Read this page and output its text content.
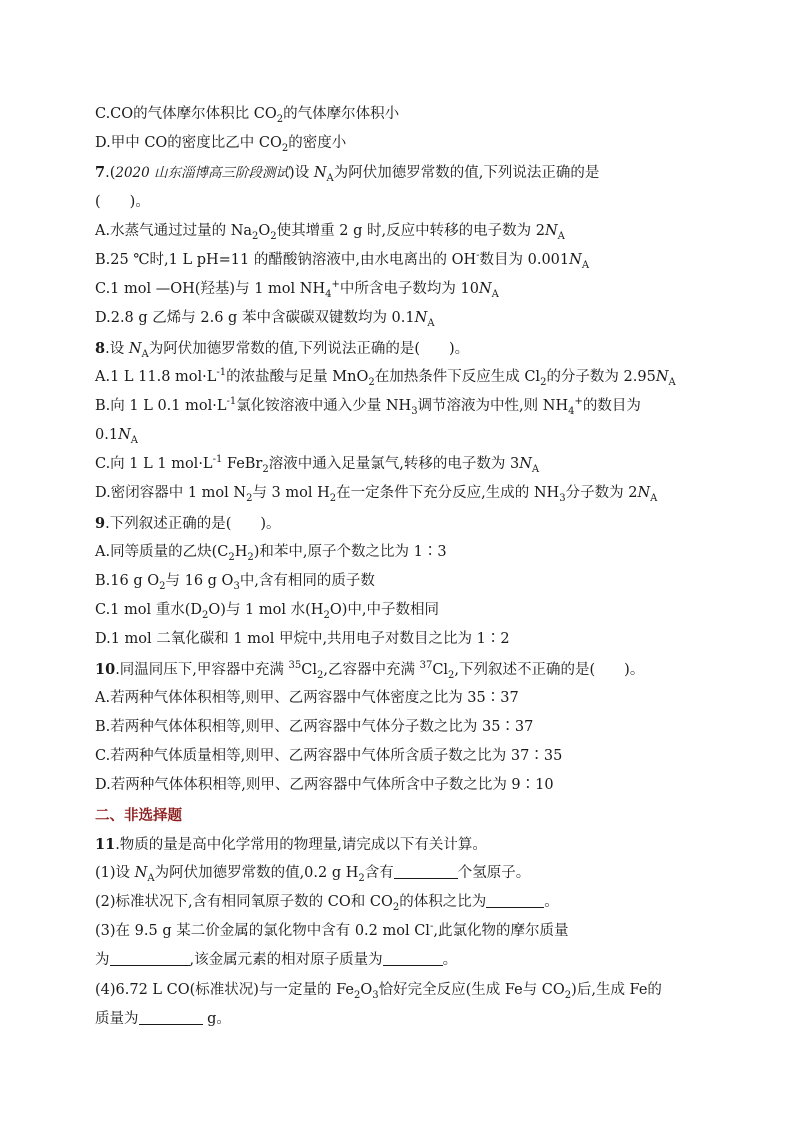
C.CO的气体摩尔体积比 $CO_2$的气体摩尔体积小
D.甲中 CO的密度比乙中 $CO_2$的密度小
7.(2020 山东淄博高三阶段测试)设 $N_A$为阿伏加德罗常数的值,下列说法正确的是
(　　)。
A.水蒸气通过过量的 $Na_2O_2$使其增重 2 g 时,反应中转移的电子数为 $2N_A$
B.25 ℃时,1 L pH=11 的醋酸钠溶液中,由水电离出的 OH-数目为 $0.001N_A$
C.1 mol —OH(羟基)与 1 mol $NH_4^+$中所含电子数均为 $10N_A$
D.2.8 g 乙烯与 2.6 g 苯中含碳碳双键数均为 $0.1N_A$
8.设 $N_A$为阿伏加德罗常数的值,下列说法正确的是(　　)。
A.1 L 11.8 $mol\cdot L^{-1}$的浓盐酸与足量 MnO$_2$在加热条件下反应生成 $Cl_2$的分子数为 $2.95N_A$
B.向 1 L 0.1 $mol\cdot L^{-1}$氯化铵溶液中通入少量 $NH_3$调节溶液为中性,则 $NH_4^+$的数目为
$0.1N_A$
C.向 1 L 1 $mol\cdot L^{-1}$ FeBr$_2$溶液中通入足量氯气,转移的电子数为 $3N_A$
D.密闭容器中 1 mol $N_2$与 3 mol $H_2$在一定条件下充分反应,生成的 $NH_3$分子数为 $2N_A$
9.下列叙述正确的是(　　)。
A.同等质量的乙炔$(C_2H_2)$和苯中,原子个数之比为 1∶3
B.16 g $O_2$与 16 g $O_3$中,含有相同的质子数
C.1 mol 重水$(D_2O)$与 1 mol 水$(H_2O)$中,中子数相同
D.1 mol 二氧化碳和 1 mol 甲烷中,共用电子对数目之比为 1∶2
10.同温同压下,甲容器中充满 $^{35}Cl_2$,乙容器中充满 $^{37}Cl_2$,下列叙述不正确的是(　　)。
A.若两种气体体积相等,则甲、乙两容器中气体密度之比为 35∶37
B.若两种气体体积相等,则甲、乙两容器中气体分子数之比为 35∶37
C.若两种气体质量相等,则甲、乙两容器中气体所含质子数之比为 37∶35
D.若两种气体体积相等,则甲、乙两容器中气体所含中子数之比为 9∶10
二、非选择题
11.物质的量是高中化学常用的物理量,请完成以下有关计算。
(1)设 $N_A$为阿伏加德罗常数的值,0.2 g $H_2$含有	个氢原子。
(2)标准状况下,含有相同氧原子数的 CO和 $CO_2$的体积之比为	。
(3)在 9.5 g 某二价金属的氯化物中含有 0.2 mol Cl-,此氯化物的摩尔质量
为	,该金属元素的相对原子质量为	。
(4)6.72 L CO(标准状况)与一定量的 $Fe_2O_3$恰好完全反应(生成 Fe与 $CO_2$)后,生成 Fe的
质量为	g。
